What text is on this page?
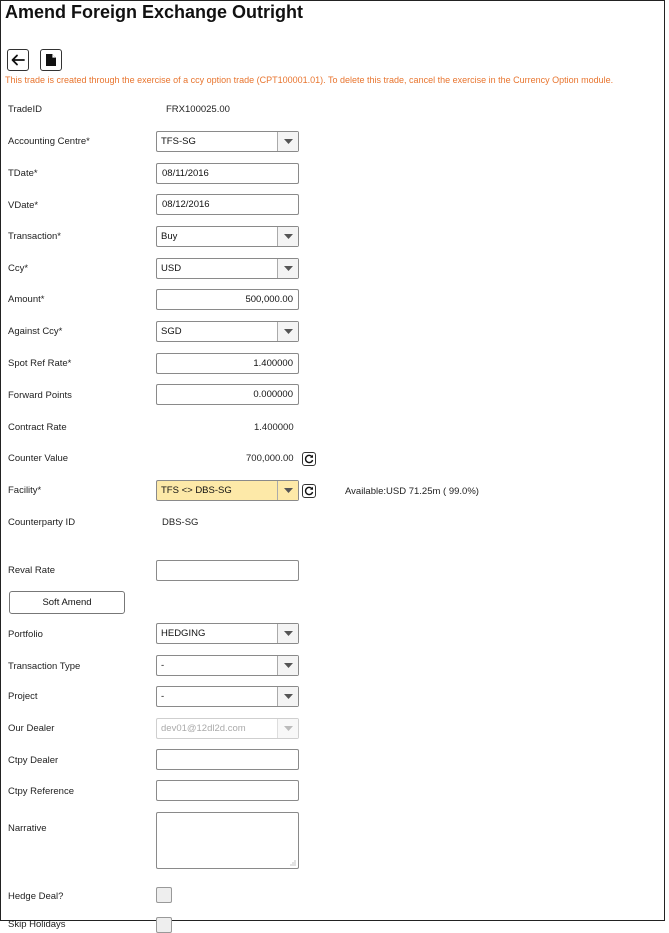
Amend Foreign Exchange Outright
This trade is created through the exercise of a ccy option trade (CPT100001.01). To delete this trade, cancel the exercise in the Currency Option module.
TradeID	FRX100025.00
Accounting Centre*	TFS-SG
TDate*	08/11/2016
VDate*	08/12/2016
Transaction*	Buy
Ccy*	USD
Amount*	500,000.00
Against Ccy*	SGD
Spot Ref Rate*	1.400000
Forward Points	0.000000
Contract Rate	1.400000
Counter Value	700,000.00
Facility*	TFS <> DBS-SG	Available:USD 71.25m ( 99.0%)
Counterparty ID	DBS-SG
Reval Rate
Soft Amend
Portfolio	HEDGING
Transaction Type	-
Project	-
Our Dealer	dev01@12dl2d.com
Ctpy Dealer
Ctpy Reference
Narrative
Hedge Deal?
Skip Holidays
